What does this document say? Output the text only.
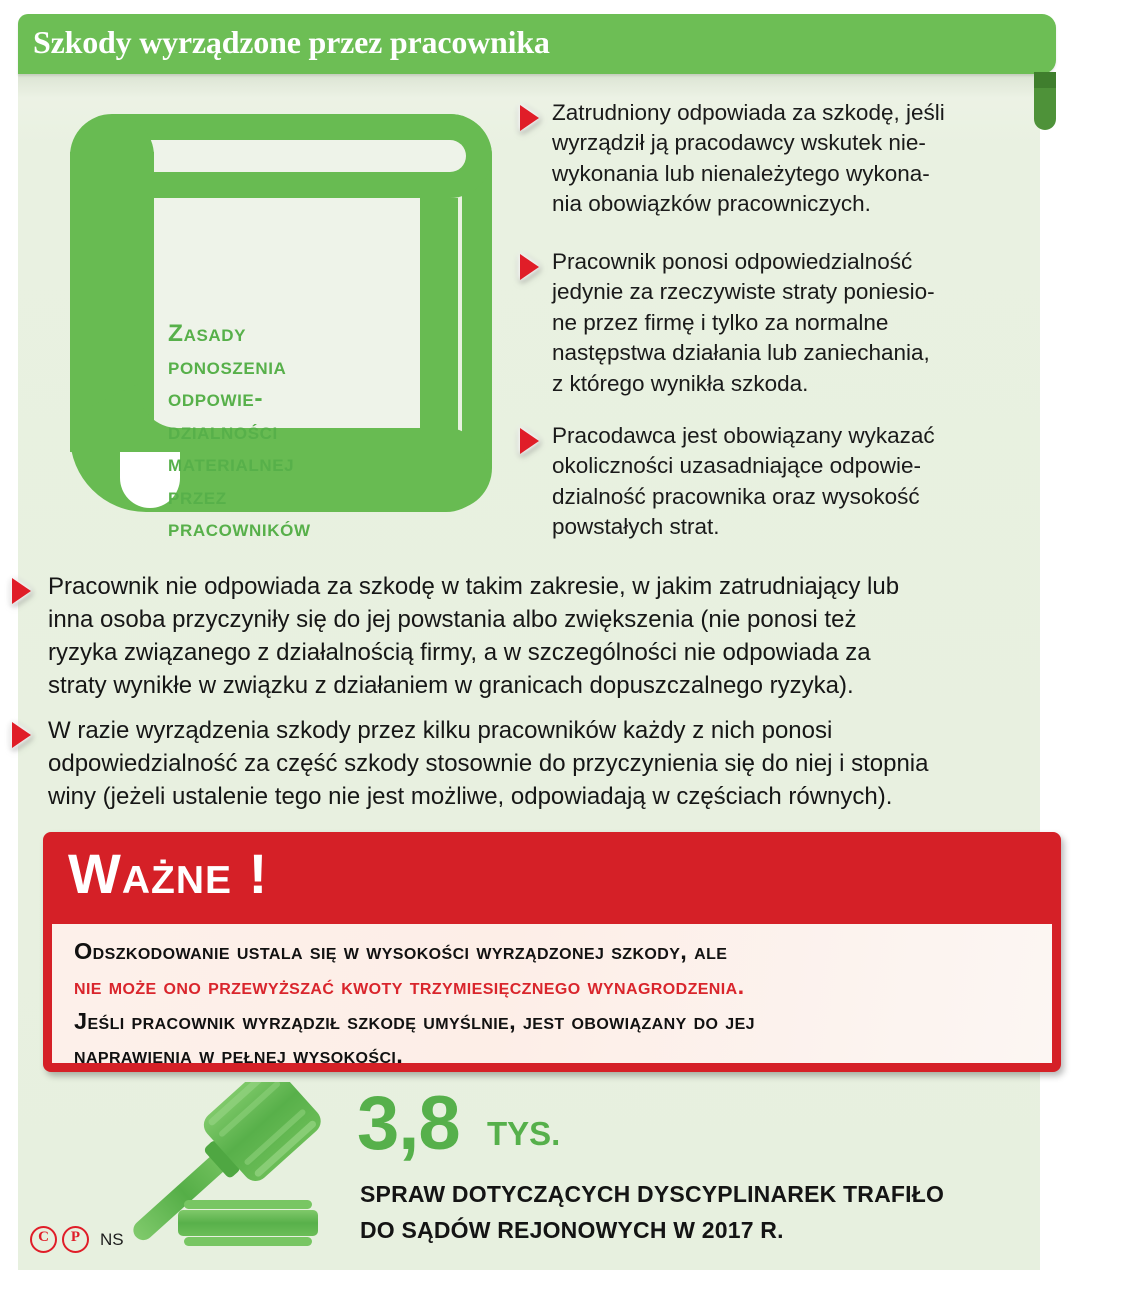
Szkody wyrządzone przez pracownika
Zasady
ponoszenia
odpowie-
dzialności
materialnej
przez
pracowników
Zatrudniony odpowiada za szkodę, jeśli
wyrządził ją pracodawcy wskutek nie-
wykonania lub nienależytego wykona-
nia obowiązków pracowniczych.
Pracownik ponosi odpowiedzialność
jedynie za rzeczywiste straty poniesio-
ne przez firmę i tylko za normalne
następstwa działania lub zaniechania,
z którego wynikła szkoda.
Pracodawca jest obowiązany wykazać
okoliczności uzasadniające odpowie-
dzialność pracownika oraz wysokość
powstałych strat.
Pracownik nie odpowiada za szkodę w takim zakresie, w jakim zatrudniający lub
inna osoba przyczyniły się do jej powstania albo zwiększenia (nie ponosi też
ryzyka związanego z działalnością firmy, a w szczególności nie odpowiada za
straty wynikłe w związku z działaniem w granicach dopuszczalnego ryzyka).
W razie wyrządzenia szkody przez kilku pracowników każdy z nich ponosi
odpowiedzialność za część szkody stosownie do przyczynienia się do niej i stopnia
winy (jeżeli ustalenie tego nie jest możliwe, odpowiadają w częściach równych).
Ważne !
Odszkodowanie ustala się w wysokości wyrządzonej szkody, ale
nie może ono przewyższać kwoty trzymiesięcznego wynagrodzenia.
Jeśli pracownik wyrządził szkodę umyślnie, jest obowiązany do jej
naprawienia w pełnej wysokości.
3,8 TYS.
SPRAW DOTYCZĄCYCH DYSCYPLINAREK TRAFIŁO
DO SĄDÓW REJONOWYCH W 2017 R.
C	P	NS
